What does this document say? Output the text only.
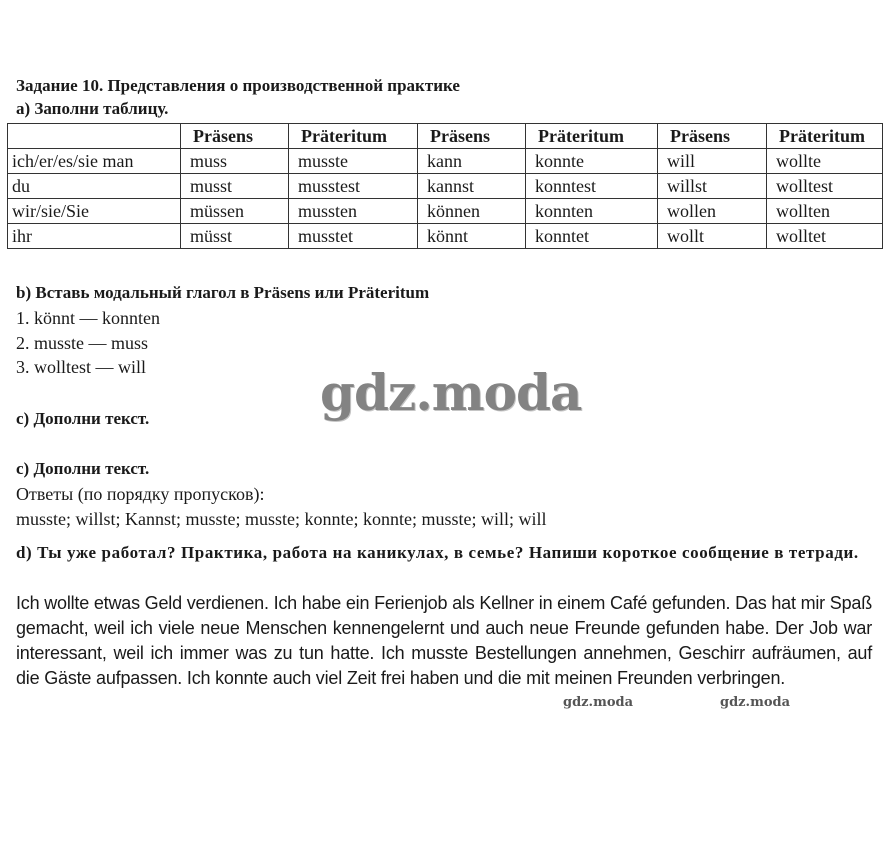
Задание 10. Представления о производственной практике
а) Заполни таблицу.
	Präsens	Präteritum	Präsens	Präteritum	Präsens	Präteritum
ich/er/es/sie man	muss	musste	kann	konnte	will	wollte
du	musst	musstest	kannst	konntest	willst	wolltest
wir/sie/Sie	müssen	mussten	können	konnten	wollen	wollten
ihr	müsst	musstet	könnt	konntet	wollt	wolltet
b) Вставь модальный глагол в Präsens или Präteritum
1. könnt — konnten
2. musste — muss
3. wolltest — will	gdz.moda
c) Дополни текст.
c) Дополни текст.
Ответы (по порядку пропусков):
musste; willst; Kannst; musste; musste; konnte; konnte; musste; will; will
d) Ты уже работал? Практика, работа на каникулах, в семье? Напиши короткое сообщение в тетради.
Ich wollte etwas Geld verdienen. Ich habe ein Ferienjob als Kellner in einem Café gefunden. Das hat mir Spaß gemacht, weil ich viele neue Menschen kennengelernt und auch neue Freunde gefunden habe. Der Job war interessant, weil ich immer was zu tun hatte. Ich musste Bestellungen annehmen, Geschirr aufräumen, auf die Gäste aufpassen. Ich konnte auch viel Zeit frei haben und die mit meinen Freunden verbringen.
gdz.moda	gdz.moda
